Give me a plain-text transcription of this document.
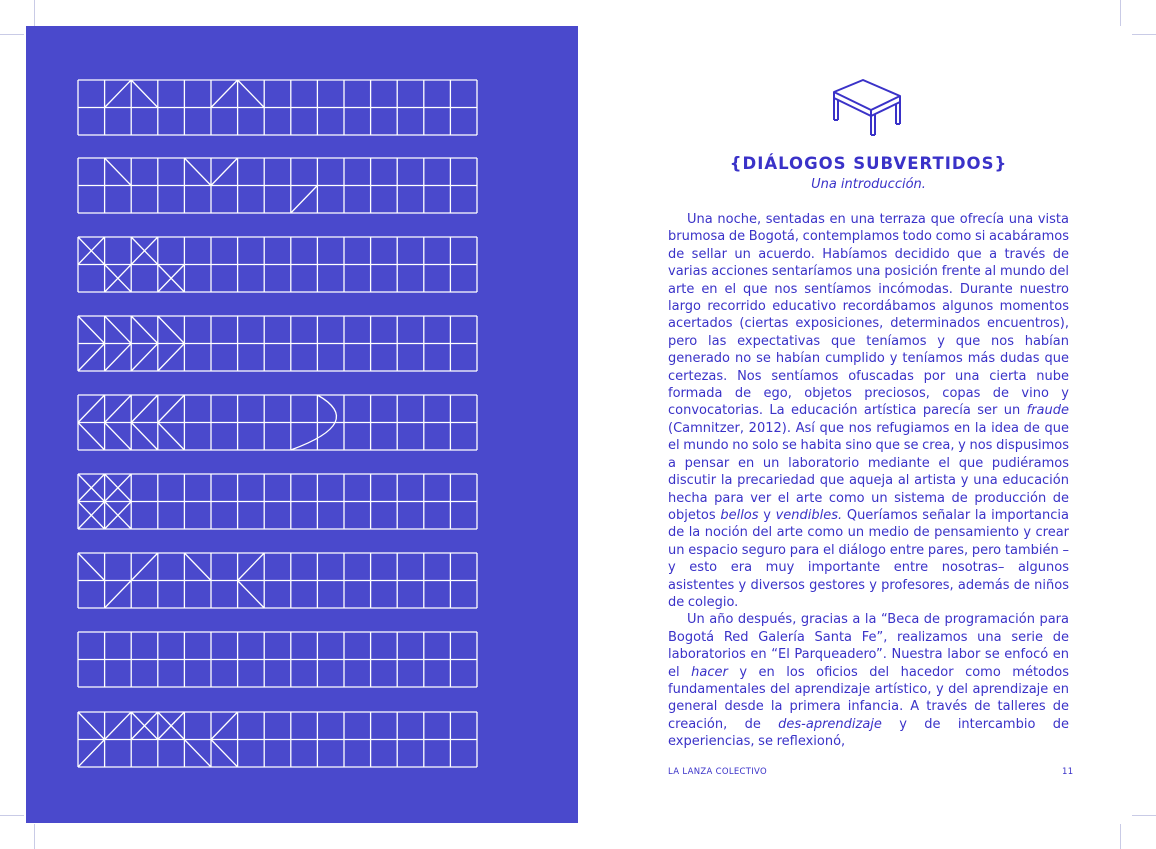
{DIÁLOGOS SUBVERTIDOS}
Una introducción.

Una noche, sentadas en una terraza que ofrecía una vista brumosa de Bogotá, contemplamos todo como si acabáramos de sellar un acuerdo. Habíamos decidido que a través de varias acciones sentaríamos una posición frente al mundo del arte en el que nos sentíamos incómodas. Durante nuestro largo recorrido educativo recordábamos algunos momentos acertados (ciertas exposiciones, determinados encuentros), pero las expectativas que teníamos y que nos habían generado no se habían cumplido y teníamos más dudas que certezas. Nos sentíamos ofuscadas por una cierta nube formada de ego, objetos preciosos, copas de vino y convocatorias. La educación artística parecía ser un fraude (Camnitzer, 2012). Así que nos refugiamos en la idea de que el mundo no solo se habita sino que se crea, y nos dispusimos a pensar en un laboratorio mediante el que pudiéramos discutir la precariedad que aqueja al artista y una educación hecha para ver el arte como un sistema de producción de objetos bellos y vendibles. Queríamos señalar la importancia de la noción del arte como un medio de pensamiento y crear un espacio seguro para el diálogo entre pares, pero también –y esto era muy importante entre nosotras– algunos asistentes y diversos gestores y profesores, además de niños de colegio.

Un año después, gracias a la “Beca de programación para Bogotá Red Galería Santa Fe”, realizamos una serie de laboratorios en “El Parqueadero”. Nuestra labor se enfocó en el hacer y en los oficios del hacedor como métodos fundamentales del aprendizaje artístico, y del aprendizaje en general desde la primera infancia. A través de talleres de creación, de des-aprendizaje y de intercambio de experiencias, se reflexionó,

LA LANZA COLECTIVO	11
